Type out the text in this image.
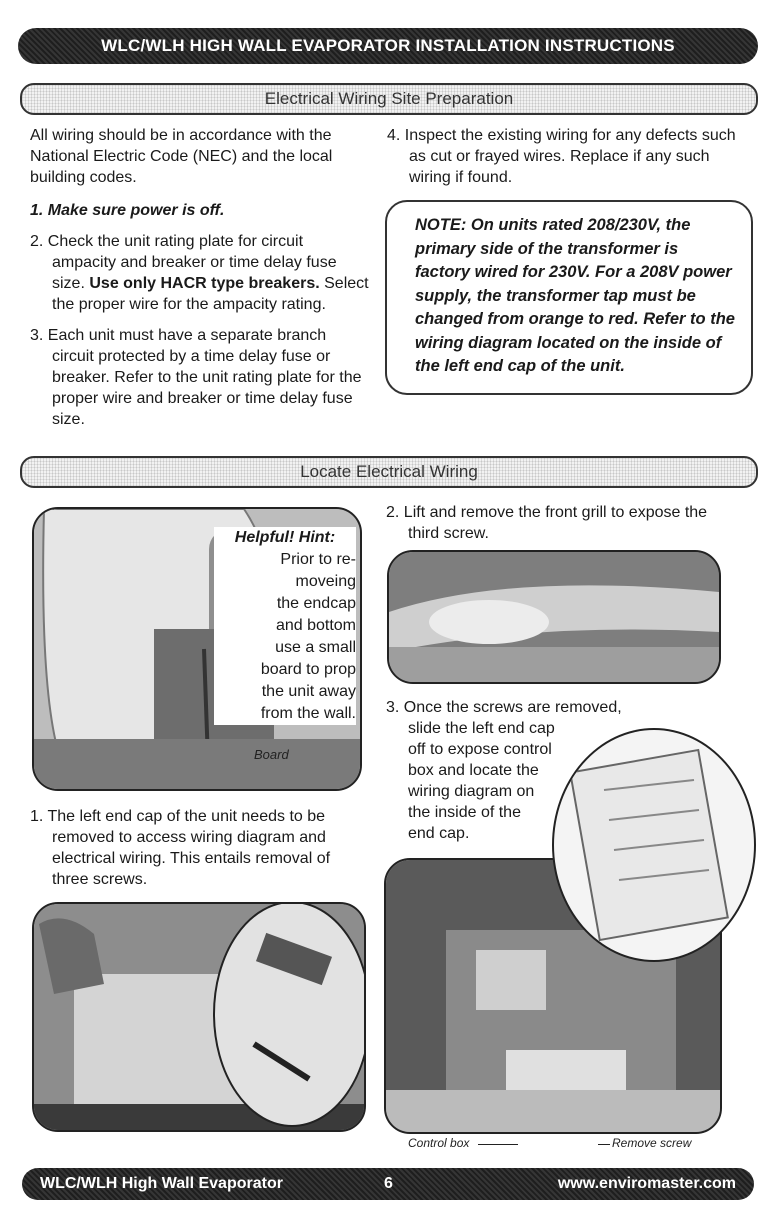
WLC/WLH HIGH WALL EVAPORATOR INSTALLATION INSTRUCTIONS
Electrical Wiring Site Preparation

All wiring should be in accordance with the National Electric Code (NEC) and the local building codes.

1. Make sure power is off.

2. Check the unit rating plate for circuit ampacity and breaker or time delay fuse size. Use only HACR type breakers. Select the proper wire for the ampacity rating.

3. Each unit must have a separate branch circuit protected by a time delay fuse or breaker. Refer to the unit rating plate for the proper wire and breaker or time delay fuse size.

4. Inspect the existing wiring for any defects such as cut or frayed wires. Replace if any such wiring if found.

NOTE: On units rated 208/230V, the primary side of the transformer is factory wired for 230V. For a 208V power supply, the transformer tap must be changed from orange to red. Refer to the wiring diagram located on the inside of the left end cap of the unit.
Locate Electrical Wiring
Helpful! Hint:
Prior to re-
moveing
the endcap
and bottom
use a small
board to prop
the unit away
from the wall.
Board

1. The left end cap of the unit needs to be removed to access wiring diagram and electrical wiring. This entails removal of three screws.

2. Lift and remove the front grill to expose the third screw.

3. Once the screws are removed,
slide the left end cap
off to expose control
box and locate the
wiring diagram on
the inside of the
end cap.
Control box	Remove screw
WLC/WLH High Wall Evaporator	6	www.enviromaster.com
